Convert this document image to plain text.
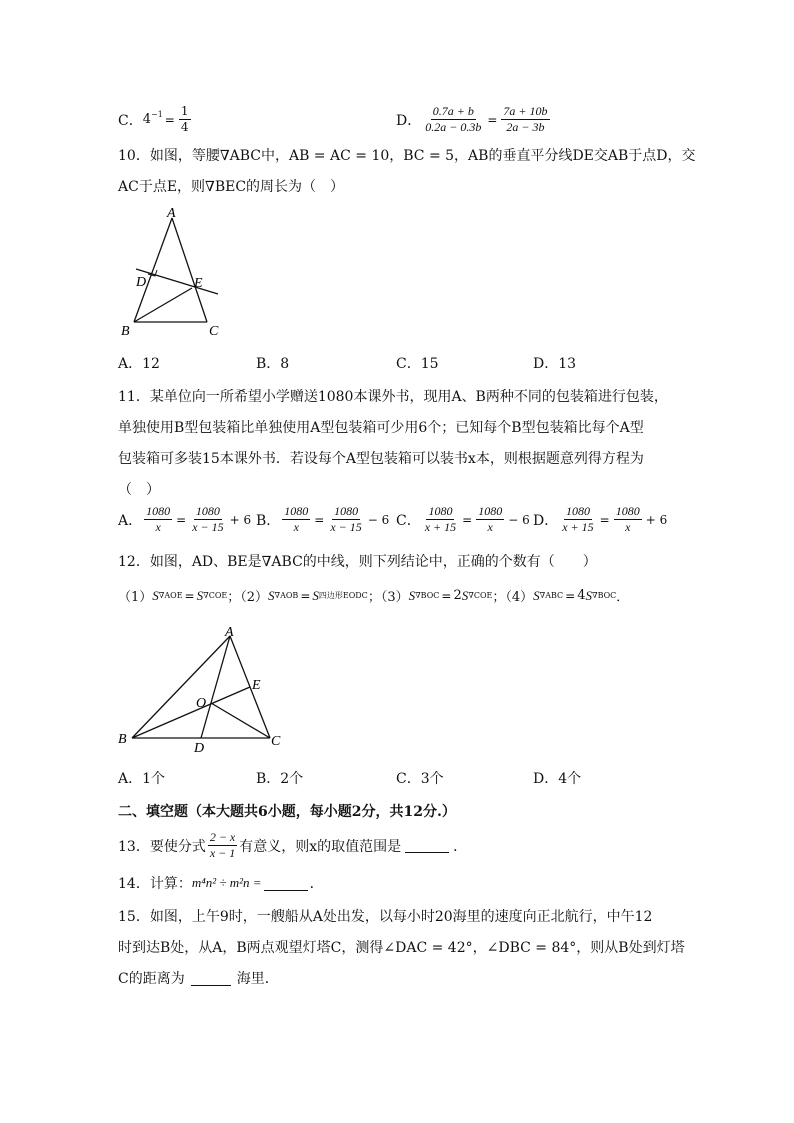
C． $4 -1 = \frac{1}{4}$	D． $\frac{0.7a + b}{0.2a - 0.3b} = \frac{7a + 10b}{2a - 3b}$
10．如图，等腰∇ABC中，AB = AC = 10，BC = 5，AB的垂直平分线DE交AB于点D，交
AC于点E，则∇BEC的周长为（　）
A
D	E
B	C
A．12	B．8	C．15	D．13
11．某单位向一所希望小学赠送1080本课外书，现用A、B两种不同的包装箱进行包装，
单独使用B型包装箱比单独使用A型包装箱可少用6个；已知每个B型包装箱比每个A型
包装箱可多装15本课外书．若设每个A型包装箱可以装书x本，则根据题意列得方程为
（　）
A． $\frac{1080}{x} = \frac{1080}{x - 15} + 6$ B． $\frac{1080}{x} = \frac{1080}{x - 15} - 6$ C． $\frac{1080}{x + 15} = \frac{1080}{x} - 6$ D． $\frac{1080}{x + 15} = \frac{1080}{x} + 6$
12．如图，AD、BE是∇ABC的中线，则下列结论中，正确的个数有（　　）
（1） S ∇AOE = S ∇COE ；（2） S ∇AOB = S 四边形EODC ；（3） S ∇BOC = 2 S ∇COE ；（4） S ∇ABC = 4 S ∇BOC ．
A
E
O
B
D	C
A．1个	B．2个	C．3个	D．4个
二、填空题（本大题共6小题，每小题2分，共12分.）
13．要使分式 $\frac{2 - x}{x - 1}$ 有意义，则x的取值范围是	．
14．计算： m⁴n² ÷ m²n =	．
15．如图，上午9时，一艘船从A处出发，以每小时20海里的速度向正北航行，中午12
时到达B处，从A，B两点观望灯塔C，测得∠DAC = 42°，∠DBC = 84°，则从B处到灯塔
C的距离为	海里．
